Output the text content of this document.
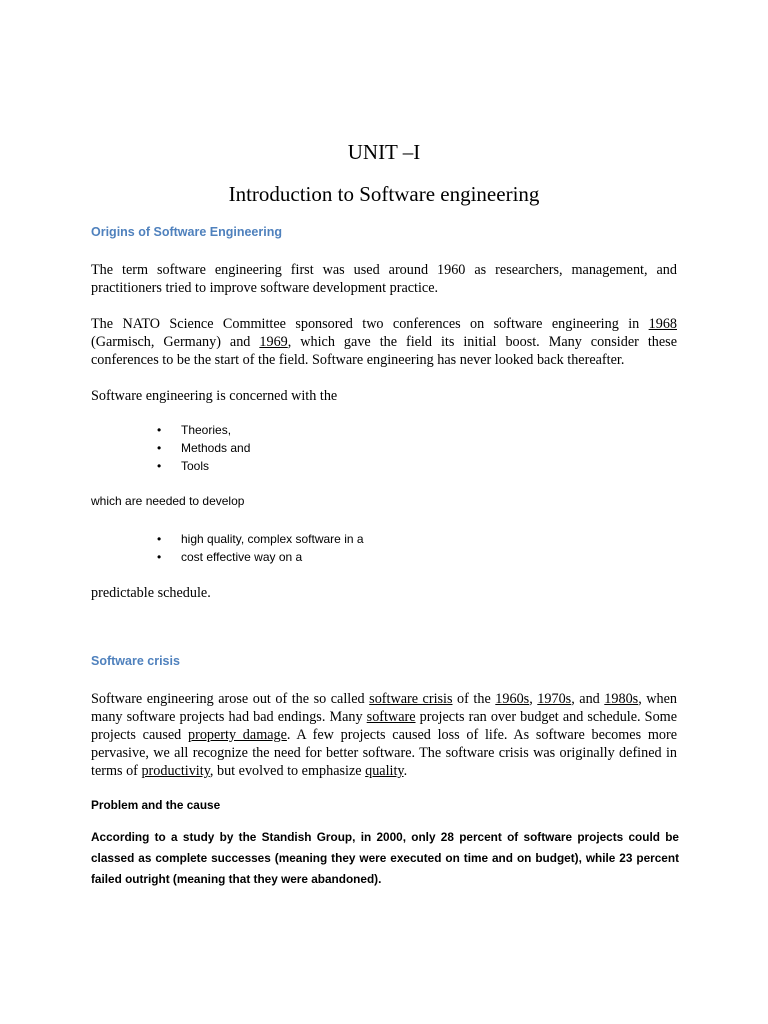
UNIT –I
Introduction to Software engineering
Origins of Software Engineering
The term software engineering first was used around 1960 as researchers, management, and practitioners tried to improve software development practice.
The NATO Science Committee sponsored two conferences on software engineering in 1968 (Garmisch, Germany) and 1969, which gave the field its initial boost. Many consider these conferences to be the start of the field. Software engineering has never looked back thereafter.
Software engineering is concerned with the
• Theories,
• Methods and
• Tools
which are needed to develop
• high quality, complex software in a
• cost effective way on a
predictable schedule.
Software crisis
Software engineering arose out of the so called software crisis of the 1960s, 1970s, and 1980s, when many software projects had bad endings. Many software projects ran over budget and schedule. Some projects caused property damage. A few projects caused loss of life. As software becomes more pervasive, we all recognize the need for better software. The software crisis was originally defined in terms of productivity, but evolved to emphasize quality.
Problem and the cause
According to a study by the Standish Group, in 2000, only 28 percent of software projects could be classed as complete successes (meaning they were executed on time and on budget), while 23 percent failed outright (meaning that they were abandoned).
